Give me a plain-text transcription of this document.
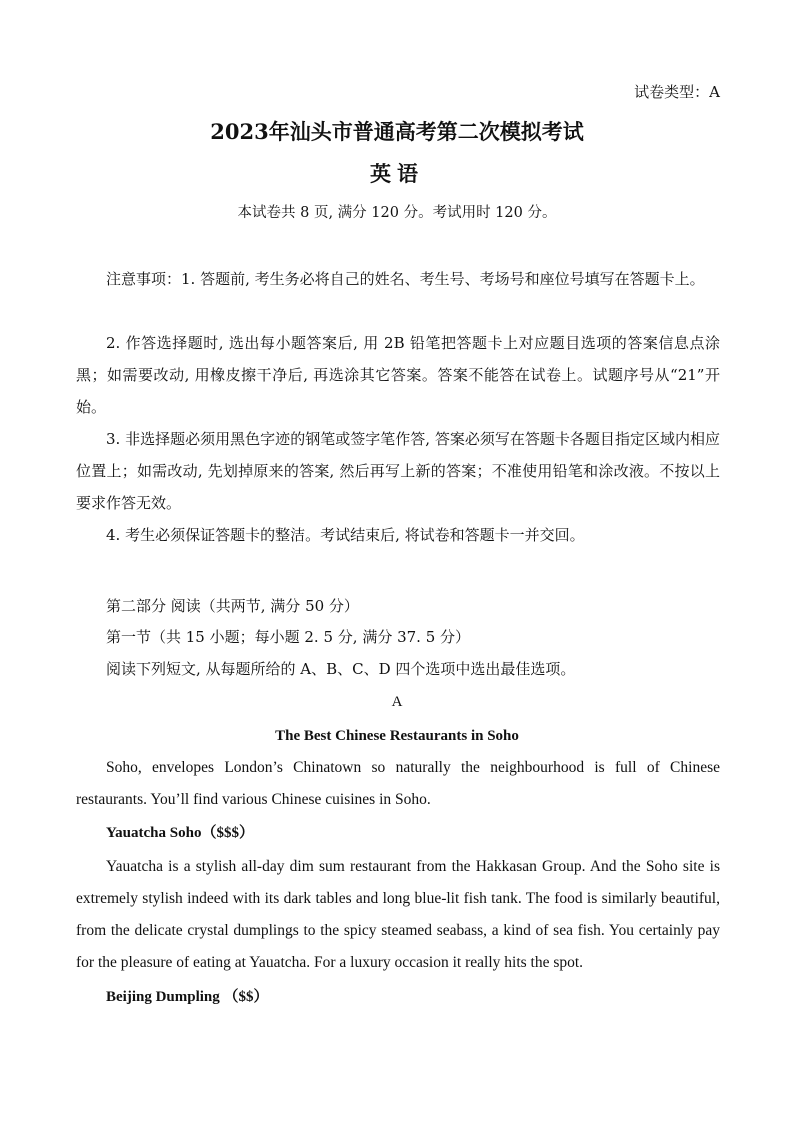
试卷类型：A
2023年汕头市普通高考第二次模拟考试
英语
本试卷共 8 页, 满分 120 分。考试用时 120 分。
注意事项：1. 答题前, 考生务必将自己的姓名、考生号、考场号和座位号填写在答题卡上。
2. 作答选择题时, 选出每小题答案后, 用 2B 铅笔把答题卡上对应题目选项的答案信息点涂黑；如需要改动, 用橡皮擦干净后, 再选涂其它答案。答案不能答在试卷上。试题序号从“21”开始。
3. 非选择题必须用黑色字迹的钢笔或签字笔作答, 答案必须写在答题卡各题目指定区域内相应位置上；如需改动, 先划掉原来的答案, 然后再写上新的答案；不准使用铅笔和涂改液。不按以上要求作答无效。
4. 考生必须保证答题卡的整洁。考试结束后, 将试卷和答题卡一并交回。
第二部分 阅读（共两节, 满分 50 分）
第一节（共 15 小题；每小题 2. 5 分, 满分 37. 5 分）
阅读下列短文, 从每题所给的 A、B、C、D 四个选项中选出最佳选项。
A
The Best Chinese Restaurants in Soho
Soho, envelopes London’s Chinatown so naturally the neighbourhood is full of Chinese restaurants. You’ll find various Chinese cuisines in Soho.
Yauatcha Soho（$$$）
Yauatcha is a stylish all-day dim sum restaurant from the Hakkasan Group. And the Soho site is extremely stylish indeed with its dark tables and long blue-lit fish tank. The food is similarly beautiful, from the delicate crystal dumplings to the spicy steamed seabass, a kind of sea fish. You certainly pay for the pleasure of eating at Yauatcha. For a luxury occasion it really hits the spot.
Beijing Dumpling （$$）
